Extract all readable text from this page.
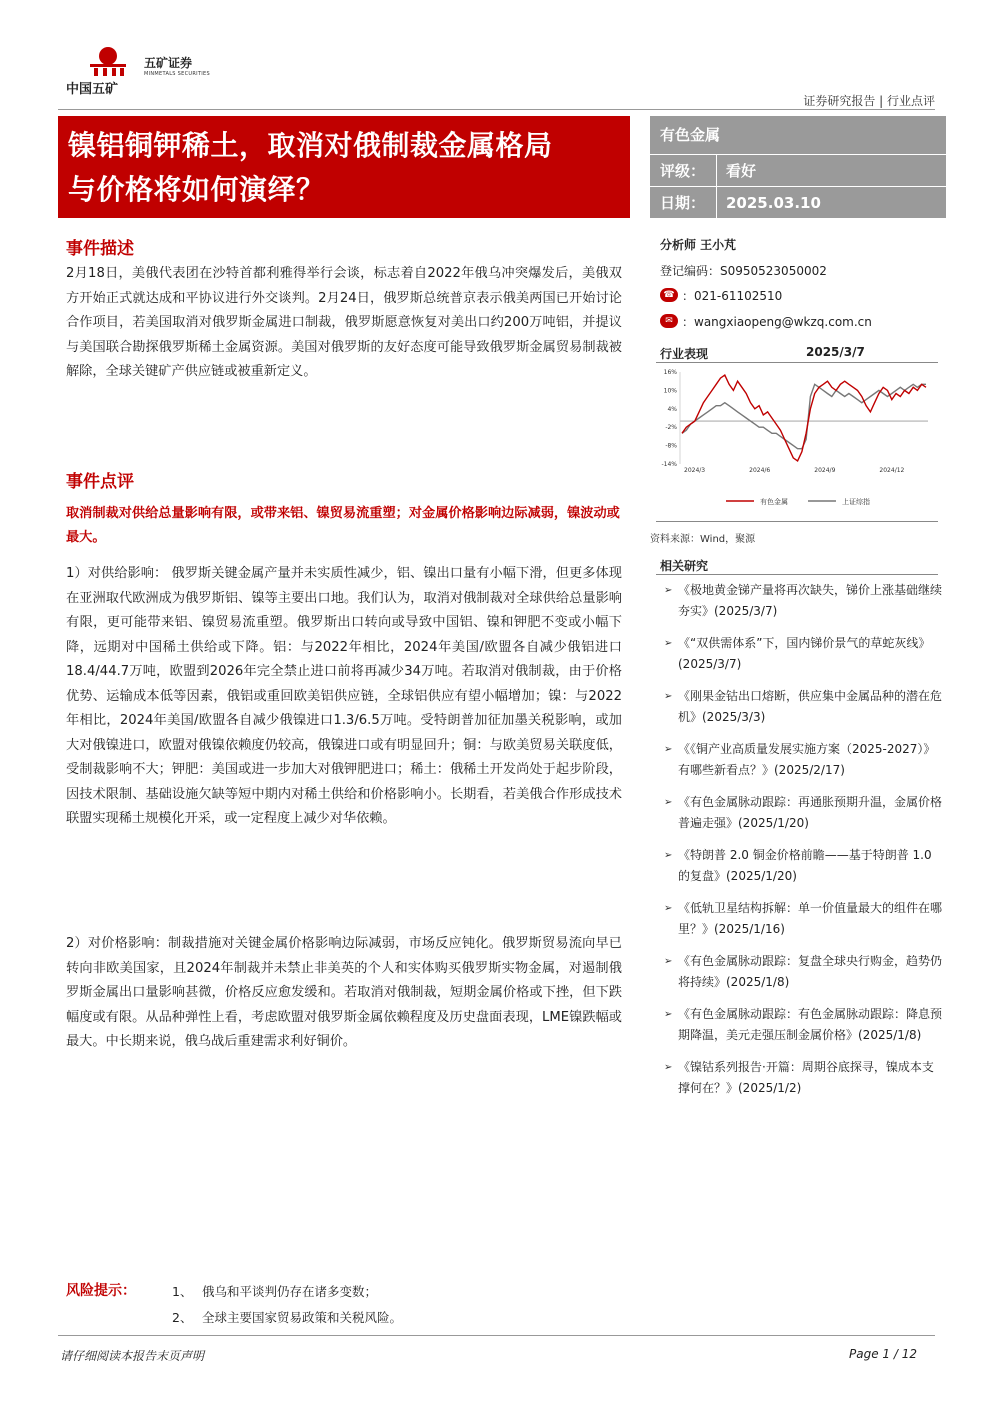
中国五矿
五矿证券
MINMETALS SECURITIES
证券研究报告 | 行业点评
镍铝铜钾稀土，取消对俄制裁金属格局
与价格将如何演绎？
有色金属
评级： 看好
日期： 2025.03.10
事件描述
2月18日，美俄代表团在沙特首都利雅得举行会谈，标志着自2022年俄乌冲突爆发后，美俄双方开始正式就达成和平协议进行外交谈判。2月24日，俄罗斯总统普京表示俄美两国已开始讨论合作项目，若美国取消对俄罗斯金属进口制裁，俄罗斯愿意恢复对美出口约200万吨铝，并提议与美国联合勘探俄罗斯稀土金属资源。美国对俄罗斯的友好态度可能导致俄罗斯金属贸易制裁被解除，全球关键矿产供应链或被重新定义。
事件点评
取消制裁对供给总量影响有限，或带来铝、镍贸易流重塑；对金属价格影响边际减弱，镍波动或最大。
1）对供给影响： 俄罗斯关键金属产量并未实质性减少，铝、镍出口量有小幅下滑，但更多体现在亚洲取代欧洲成为俄罗斯铝、镍等主要出口地。我们认为，取消对俄制裁对全球供给总量影响有限，更可能带来铝、镍贸易流重塑。俄罗斯出口转向或导致中国铝、镍和钾肥不变或小幅下降，远期对中国稀土供给或下降。铝：与2022年相比，2024年美国/欧盟各自减少俄铝进口18.4/44.7万吨，欧盟到2026年完全禁止进口前将再减少34万吨。若取消对俄制裁，由于价格优势、运输成本低等因素，俄铝或重回欧美铝供应链，全球铝供应有望小幅增加；镍：与2022年相比，2024年美国/欧盟各自减少俄镍进口1.3/6.5万吨。受特朗普加征加墨关税影响，或加大对俄镍进口，欧盟对俄镍依赖度仍较高，俄镍进口或有明显回升；铜：与欧美贸易关联度低，受制裁影响不大；钾肥：美国或进一步加大对俄钾肥进口；稀土：俄稀土开发尚处于起步阶段，因技术限制、基础设施欠缺等短中期内对稀土供给和价格影响小。长期看，若美俄合作形成技术联盟实现稀土规模化开采，或一定程度上减少对华依赖。
2）对价格影响：制裁措施对关键金属价格影响边际减弱，市场反应钝化。俄罗斯贸易流向早已转向非欧美国家，且2024年制裁并未禁止非美英的个人和实体购买俄罗斯实物金属，对遏制俄罗斯金属出口量影响甚微，价格反应愈发缓和。若取消对俄制裁，短期金属价格或下挫，但下跌幅度或有限。从品种弹性上看，考虑欧盟对俄罗斯金属依赖程度及历史盘面表现，LME镍跌幅或最大。中长期来说，俄乌战后重建需求利好铜价。
分析师 王小芃
登记编码：S0950523050002
☎ ：021-61102510
✉ ：wangxiaopeng@wkzq.com.cn
行业表现	2025/3/7
16%
10%
4%
-2%
-8%
-14%
2024/3	2024/6	2024/9	2024/12
有色金属	上证综指
资料来源：Wind，聚源
相关研究
➢ 《极地黄金锑产量将再次缺失，锑价上涨基础继续夯实》(2025/3/7)
➢ 《“双供需体系”下，国内锑价景气的草蛇灰线》(2025/3/7)
➢ 《刚果金钴出口熔断，供应集中金属品种的潜在危机》(2025/3/3)
➢ 《《铜产业高质量发展实施方案（2025-2027）》有哪些新看点？》(2025/2/17)
➢ 《有色金属脉动跟踪：再通胀预期升温，金属价格普遍走强》(2025/1/20)
➢ 《特朗普 2.0 铜金价格前瞻——基于特朗普 1.0 的复盘》(2025/1/20)
➢ 《低轨卫星结构拆解：单一价值量最大的组件在哪里？》(2025/1/16)
➢ 《有色金属脉动跟踪：复盘全球央行购金，趋势仍将持续》(2025/1/8)
➢ 《有色金属脉动跟踪：有色金属脉动跟踪：降息预期降温，美元走强压制金属价格》(2025/1/8)
➢ 《镍钴系列报告·开篇：周期谷底探寻，镍成本支撑何在？》(2025/1/2)
风险提示：	1、 俄乌和平谈判仍存在诸多变数；
2、 全球主要国家贸易政策和关税风险。
请仔细阅读本报告末页声明	Page 1 / 12
